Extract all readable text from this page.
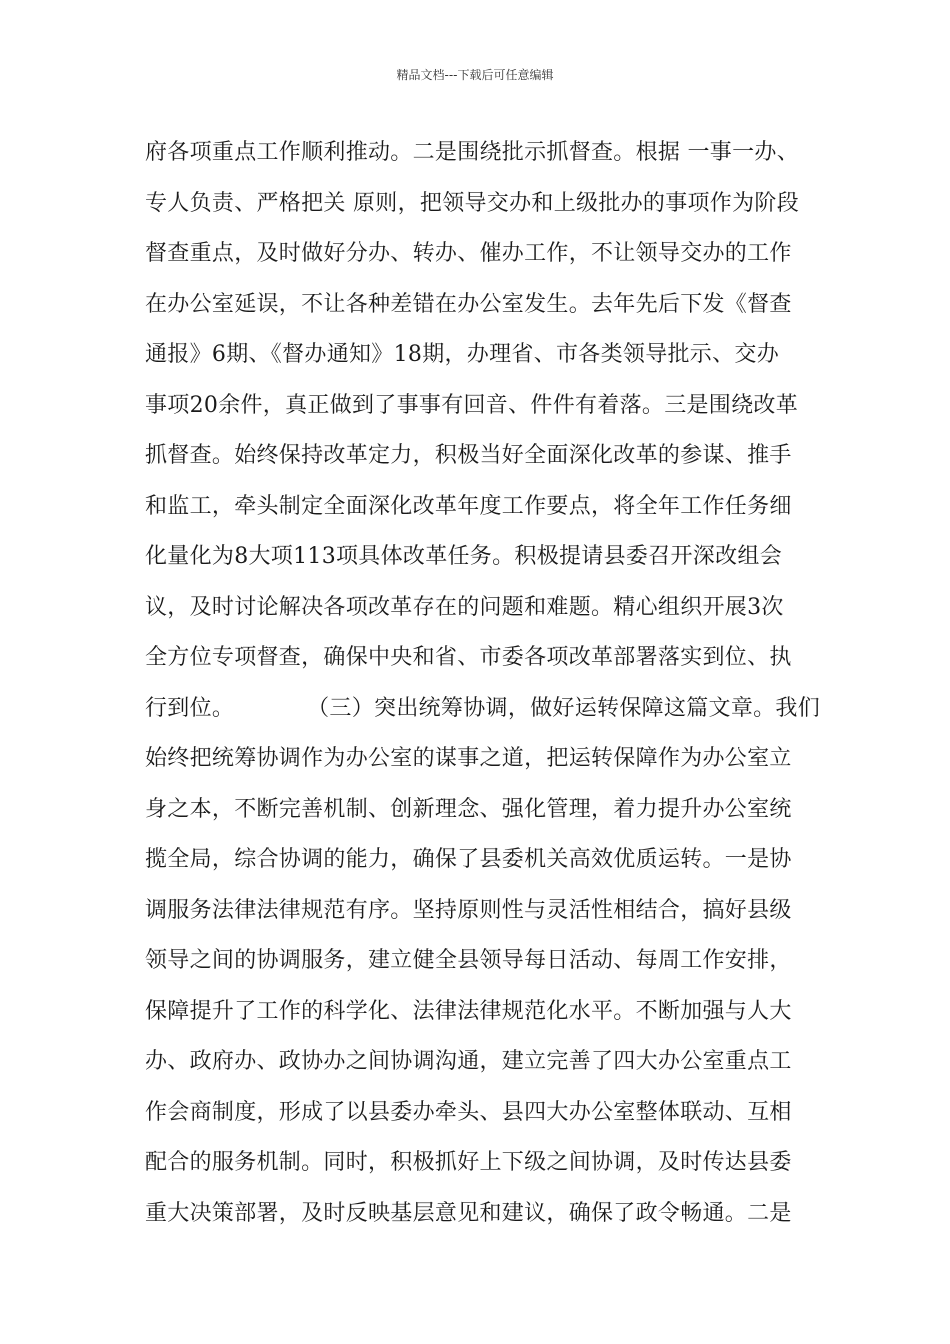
精品文档---下载后可任意编辑
府各项重点工作顺利推动。二是围绕批示抓督查。根据 一事一办、
专人负责、严格把关 原则，把领导交办和上级批办的事项作为阶段
督查重点，及时做好分办、转办、催办工作，不让领导交办的工作
在办公室延误，不让各种差错在办公室发生。去年先后下发《督查
通报》6期、《督办通知》18期，办理省、市各类领导批示、交办
事项20余件，真正做到了事事有回音、件件有着落。三是围绕改革
抓督查。始终保持改革定力，积极当好全面深化改革的参谋、推手
和监工，牵头制定全面深化改革年度工作要点，将全年工作任务细
化量化为8大项113项具体改革任务。积极提请县委召开深改组会
议，及时讨论解决各项改革存在的问题和难题。精心组织开展3次
全方位专项督查，确保中央和省、市委各项改革部署落实到位、执
行到位。          （三）突出统筹协调，做好运转保障这篇文章。我们
始终把统筹协调作为办公室的谋事之道，把运转保障作为办公室立
身之本，不断完善机制、创新理念、强化管理，着力提升办公室统
揽全局，综合协调的能力，确保了县委机关高效优质运转。一是协
调服务法律法律规范有序。坚持原则性与灵活性相结合，搞好县级
领导之间的协调服务，建立健全县领导每日活动、每周工作安排，
保障提升了工作的科学化、法律法律规范化水平。不断加强与人大
办、政府办、政协办之间协调沟通，建立完善了四大办公室重点工
作会商制度，形成了以县委办牵头、县四大办公室整体联动、互相
配合的服务机制。同时，积极抓好上下级之间协调，及时传达县委
重大决策部署，及时反映基层意见和建议，确保了政令畅通。二是
